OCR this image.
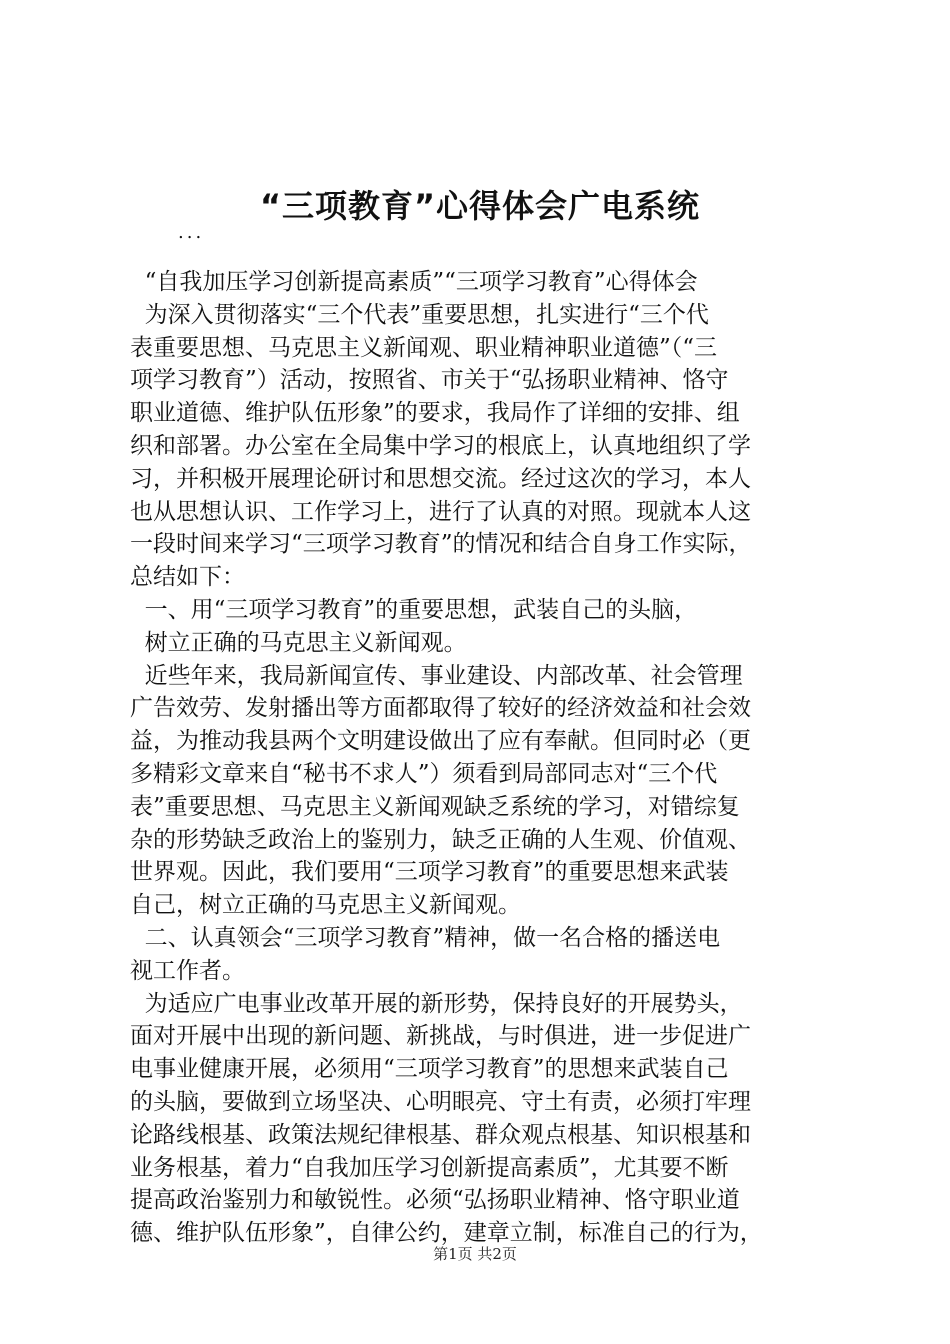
“三项教育”心得体会广电系统
...
“自我加压学习创新提高素质”“三项学习教育”心得体会
为深入贯彻落实“三个代表”重要思想，扎实进行“三个代
表重要思想、马克思主义新闻观、职业精神职业道德”（“三
项学习教育”）活动，按照省、市关于“弘扬职业精神、恪守
职业道德、维护队伍形象”的要求，我局作了详细的安排、组
织和部署。办公室在全局集中学习的根底上，认真地组织了学
习，并积极开展理论研讨和思想交流。经过这次的学习，本人
也从思想认识、工作学习上，进行了认真的对照。现就本人这
一段时间来学习“三项学习教育”的情况和结合自身工作实际，
总结如下：
一、用“三项学习教育”的重要思想，武装自己的头脑，
树立正确的马克思主义新闻观。
近些年来，我局新闻宣传、事业建设、内部改革、社会管理
广告效劳、发射播出等方面都取得了较好的经济效益和社会效
益，为推动我县两个文明建设做出了应有奉献。但同时必（更
多精彩文章来自“秘书不求人”）须看到局部同志对“三个代
表”重要思想、马克思主义新闻观缺乏系统的学习，对错综复
杂的形势缺乏政治上的鉴别力，缺乏正确的人生观、价值观、
世界观。因此，我们要用“三项学习教育”的重要思想来武装
自己，树立正确的马克思主义新闻观。
二、认真领会“三项学习教育”精神，做一名合格的播送电
视工作者。
为适应广电事业改革开展的新形势，保持良好的开展势头，
面对开展中出现的新问题、新挑战，与时俱进，进一步促进广
电事业健康开展，必须用“三项学习教育”的思想来武装自己
的头脑，要做到立场坚决、心明眼亮、守土有责，必须打牢理
论路线根基、政策法规纪律根基、群众观点根基、知识根基和
业务根基，着力“自我加压学习创新提高素质”，尤其要不断
提高政治鉴别力和敏锐性。必须“弘扬职业精神、恪守职业道
德、维护队伍形象”，自律公约，建章立制，标准自己的行为，
第1页 共2页
